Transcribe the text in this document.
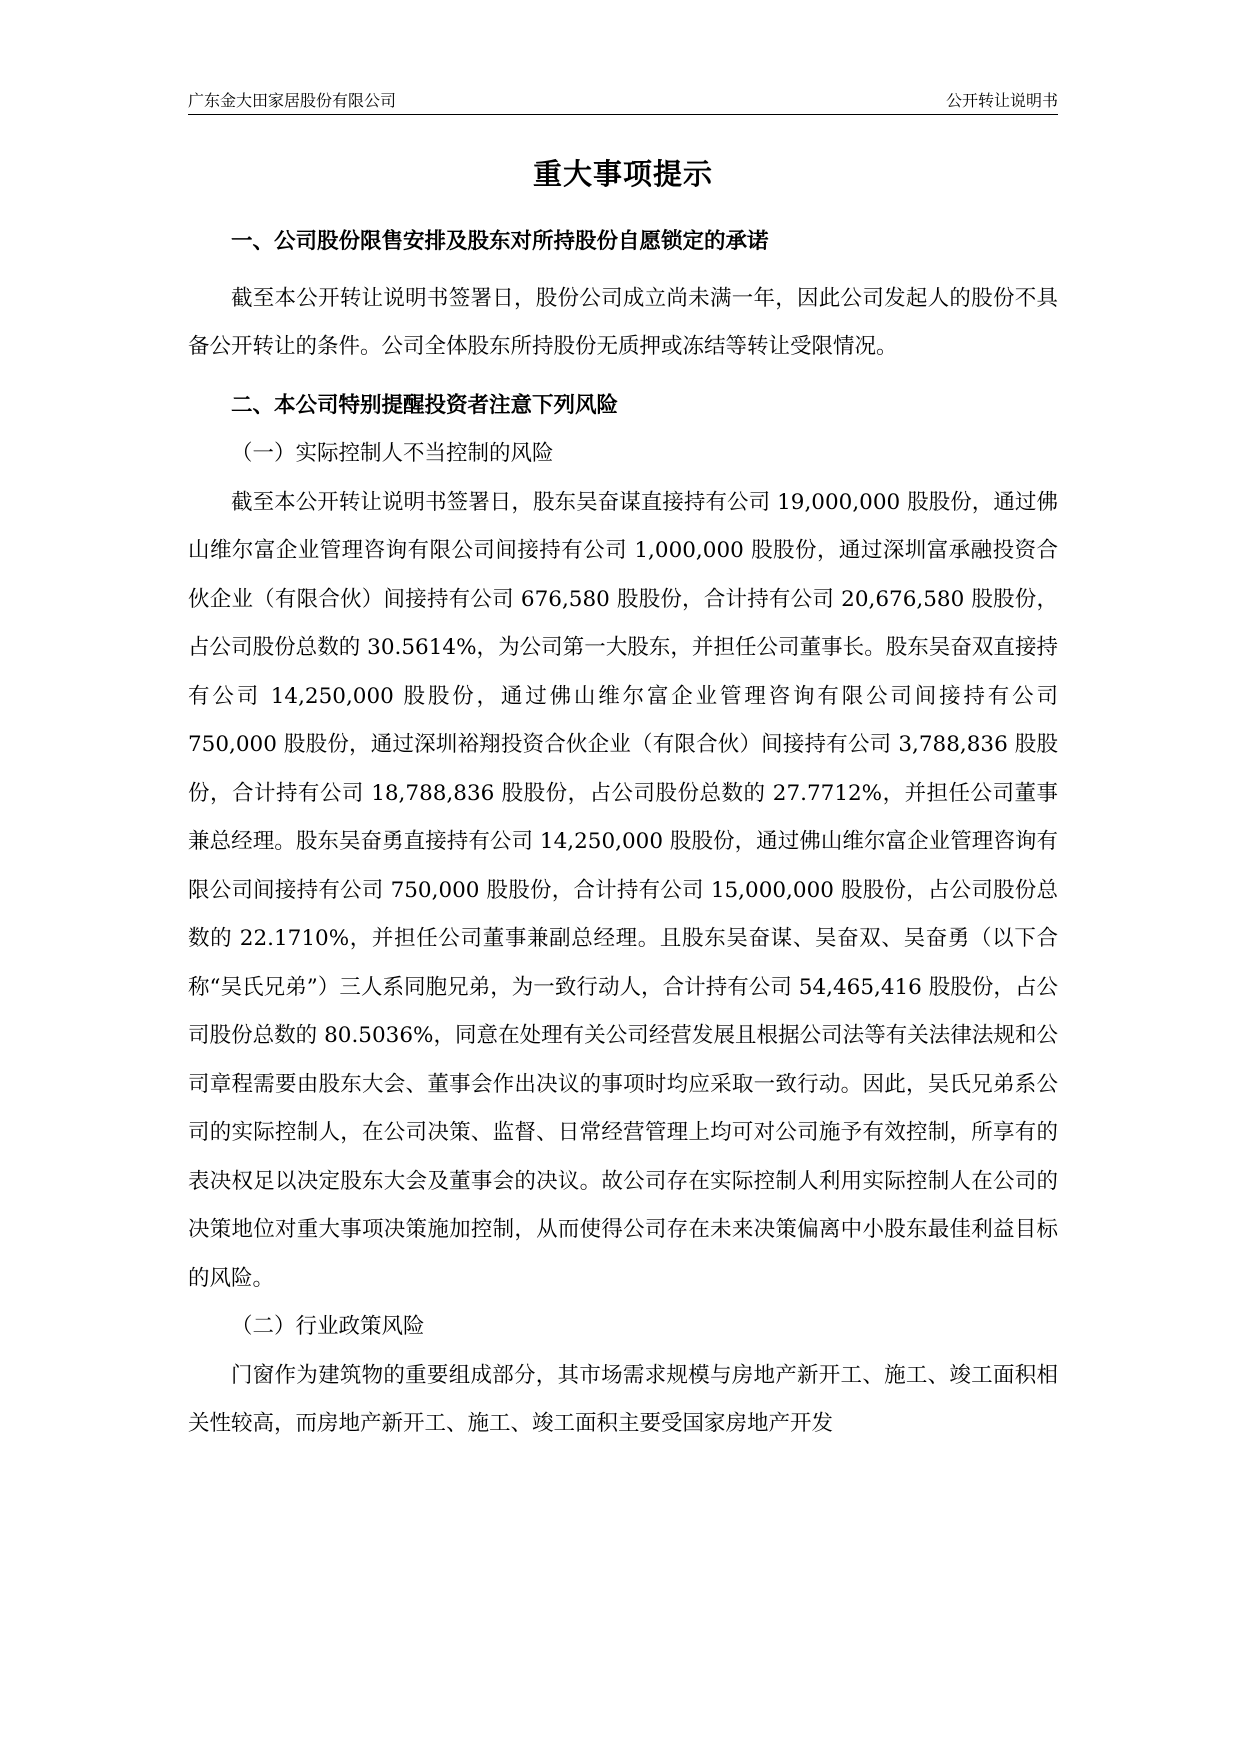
广东金大田家居股份有限公司	公开转让说明书
重大事项提示

一、公司股份限售安排及股东对所持股份自愿锁定的承诺

截至本公开转让说明书签署日，股份公司成立尚未满一年，因此公司发起人的股份不具备公开转让的条件。公司全体股东所持股份无质押或冻结等转让受限情况。

二、本公司特别提醒投资者注意下列风险

（一）实际控制人不当控制的风险

截至本公开转让说明书签署日，股东吴奋谋直接持有公司 19,000,000 股股份，通过佛山维尔富企业管理咨询有限公司间接持有公司 1,000,000 股股份，通过深圳富承融投资合伙企业（有限合伙）间接持有公司 676,580 股股份，合计持有公司 20,676,580 股股份，占公司股份总数的 30.5614%，为公司第一大股东，并担任公司董事长。股东吴奋双直接持有公司 14,250,000 股股份，通过佛山维尔富企业管理咨询有限公司间接持有公司 750,000 股股份，通过深圳裕翔投资合伙企业（有限合伙）间接持有公司 3,788,836 股股份，合计持有公司 18,788,836 股股份，占公司股份总数的 27.7712%，并担任公司董事兼总经理。股东吴奋勇直接持有公司 14,250,000 股股份，通过佛山维尔富企业管理咨询有限公司间接持有公司 750,000 股股份，合计持有公司 15,000,000 股股份，占公司股份总数的 22.1710%，并担任公司董事兼副总经理。且股东吴奋谋、吴奋双、吴奋勇（以下合称“吴氏兄弟”）三人系同胞兄弟，为一致行动人，合计持有公司 54,465,416 股股份，占公司股份总数的 80.5036%，同意在处理有关公司经营发展且根据公司法等有关法律法规和公司章程需要由股东大会、董事会作出决议的事项时均应采取一致行动。因此，吴氏兄弟系公司的实际控制人，在公司决策、监督、日常经营管理上均可对公司施予有效控制，所享有的表决权足以决定股东大会及董事会的决议。故公司存在实际控制人利用实际控制人在公司的决策地位对重大事项决策施加控制，从而使得公司存在未来决策偏离中小股东最佳利益目标的风险。

（二）行业政策风险

门窗作为建筑物的重要组成部分，其市场需求规模与房地产新开工、施工、竣工面积相关性较高，而房地产新开工、施工、竣工面积主要受国家房地产开发
